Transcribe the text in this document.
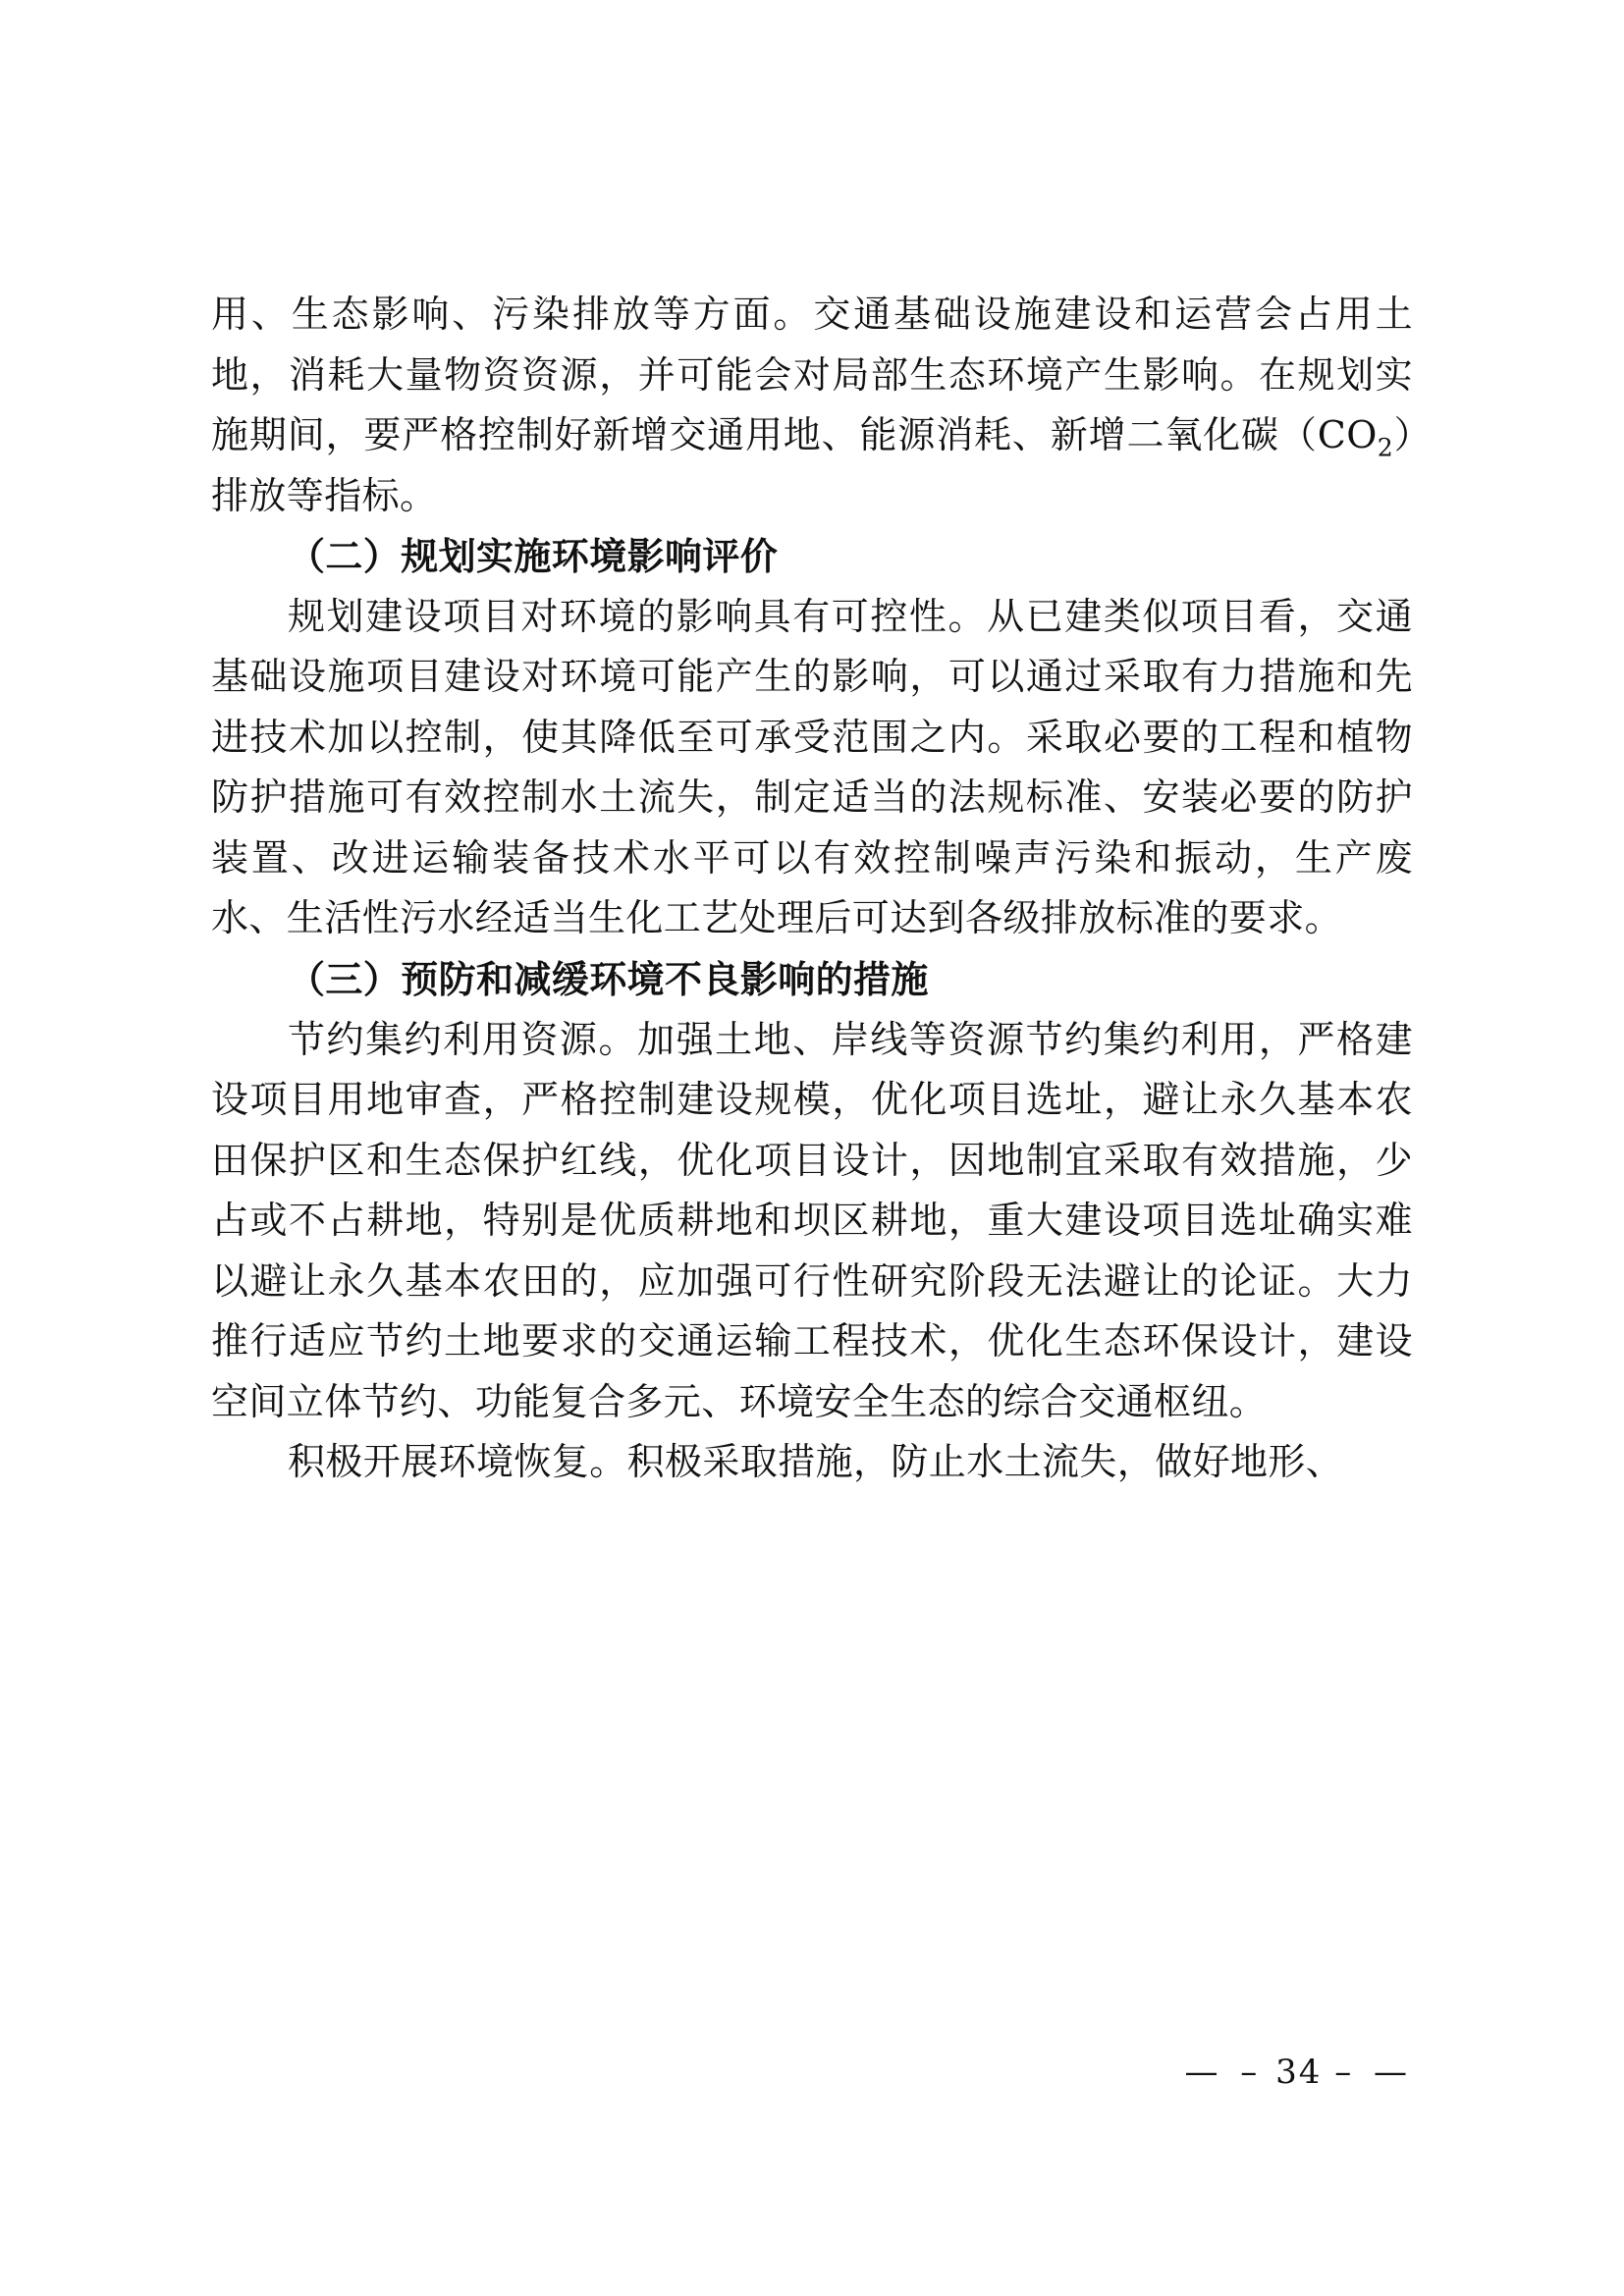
用、生态影响、污染排放等方面。交通基础设施建设和运营会占用土地，消耗大量物资资源，并可能会对局部生态环境产生影响。在规划实施期间，要严格控制好新增交通用地、能源消耗、新增二氧化碳$(CO_2)$排放等指标。

（二）规划实施环境影响评价

规划建设项目对环境的影响具有可控性。从已建类似项目看，交通基础设施项目建设对环境可能产生的影响，可以通过采取有力措施和先进技术加以控制，使其降低至可承受范围之内。采取必要的工程和植物防护措施可有效控制水土流失，制定适当的法规标准、安装必要的防护装置、改进运输装备技术水平可以有效控制噪声污染和振动，生产废水、生活性污水经适当生化工艺处理后可达到各级排放标准的要求。

（三）预防和减缓环境不良影响的措施

节约集约利用资源。加强土地、岸线等资源节约集约利用，严格建设项目用地审查，严格控制建设规模，优化项目选址，避让永久基本农田保护区和生态保护红线，优化项目设计，因地制宜采取有效措施，少占或不占耕地，特别是优质耕地和坝区耕地，重大建设项目选址确实难以避让永久基本农田的，应加强可行性研究阶段无法避让的论证。大力推行适应节约土地要求的交通运输工程技术，优化生态环保设计，建设空间立体节约、功能复合多元、环境安全生态的综合交通枢纽。

积极开展环境恢复。积极采取措施，防止水土流失，做好地形、

— – 34 – —
